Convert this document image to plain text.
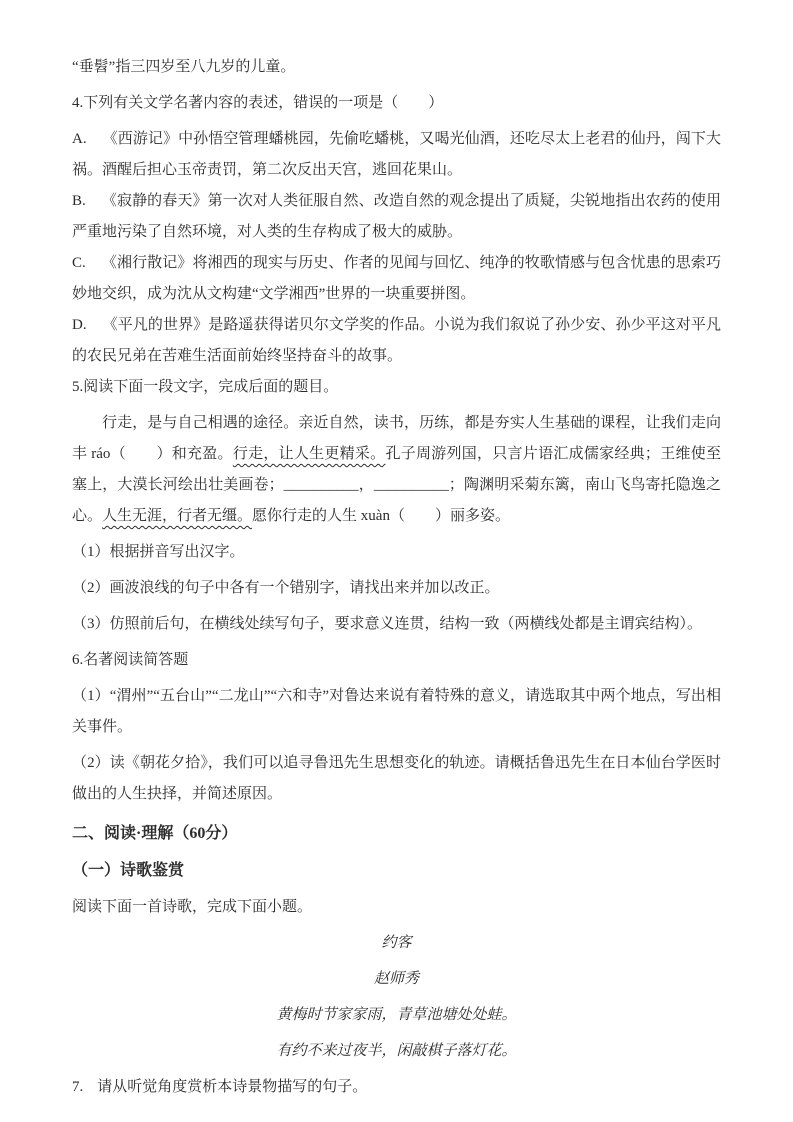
“垂髫”指三四岁至八九岁的儿童。

4.下列有关文学名著内容的表述，错误的一项是（　　）

A. 《西游记》中孙悟空管理蟠桃园，先偷吃蟠桃，又喝光仙酒，还吃尽太上老君的仙丹，闯下大祸。酒醒后担心玉帝责罚，第二次反出天宫，逃回花果山。

B. 《寂静的春天》第一次对人类征服自然、改造自然的观念提出了质疑，尖锐地指出农药的使用严重地污染了自然环境，对人类的生存构成了极大的威胁。

C. 《湘行散记》将湘西的现实与历史、作者的见闻与回忆、纯净的牧歌情感与包含忧患的思索巧妙地交织，成为沈从文构建“文学湘西”世界的一块重要拼图。

D. 《平凡的世界》是路遥获得诺贝尔文学奖的作品。小说为我们叙说了孙少安、孙少平这对平凡的农民兄弟在苦难生活面前始终坚持奋斗的故事。

5.阅读下面一段文字，完成后面的题目。

行走，是与自己相遇的途径。亲近自然，读书，历练，都是夯实人生基础的课程，让我们走向丰 ráo（　　）和充盈。行走，让人生更精采。孔子周游列国，只言片语汇成儒家经典；王维使至塞上，大漠长河绘出壮美画卷；__________，__________；陶渊明采菊东篱，南山飞鸟寄托隐逸之心。人生无涯，行者无缰。愿你行走的人生 xuàn（　　）丽多姿。

（1）根据拼音写出汉字。

（2）画波浪线的句子中各有一个错别字，请找出来并加以改正。

（3）仿照前后句，在横线处续写句子，要求意义连贯，结构一致（两横线处都是主谓宾结构）。

6.名著阅读简答题

（1）“渭州”“五台山”“二龙山”“六和寺”对鲁达来说有着特殊的意义，请选取其中两个地点，写出相关事件。

（2）读《朝花夕拾》，我们可以追寻鲁迅先生思想变化的轨迹。请概括鲁迅先生在日本仙台学医时做出的人生抉择，并简述原因。

二、阅读·理解（60分）

（一）诗歌鉴赏

阅读下面一首诗歌，完成下面小题。

约客

赵师秀

黄梅时节家家雨，青草池塘处处蛙。

有约不来过夜半，闲敲棋子落灯花。

7. 请从听觉角度赏析本诗景物描写的句子。
